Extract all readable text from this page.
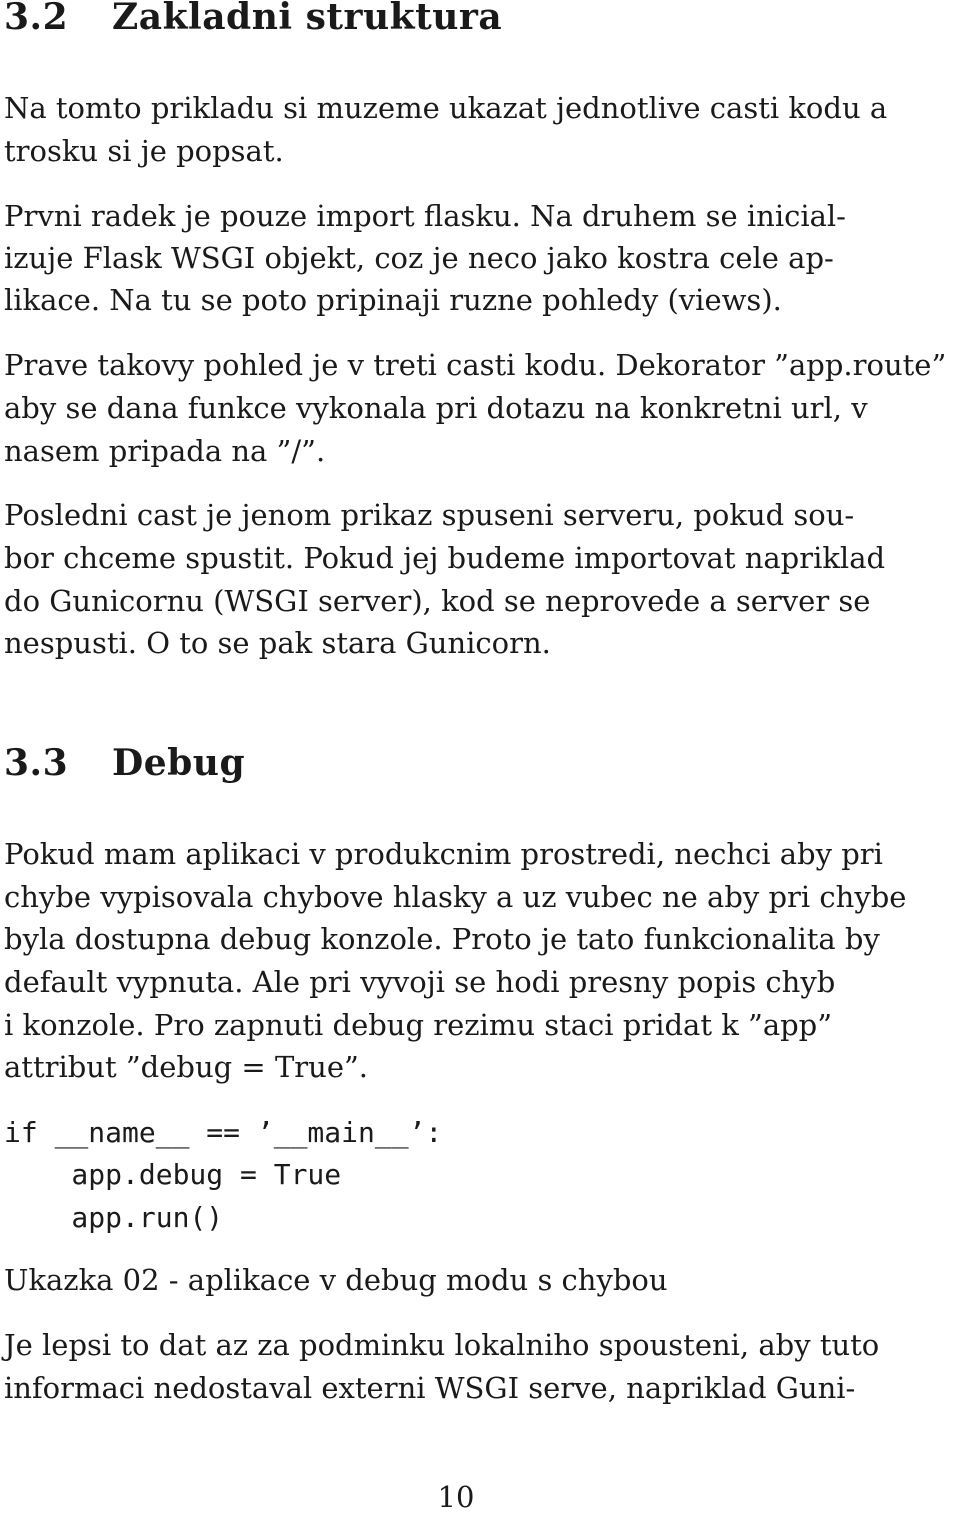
3.2 Zakladni struktura

Na tomto prikladu si muzeme ukazat jednotlive casti kodu a

trosku si je popsat.

Prvni radek je pouze import flasku. Na druhem se inicial-

izuje Flask WSGI objekt, coz je neco jako kostra cele ap-

likace. Na tu se poto pripinaji ruzne pohledy (views).

Prave takovy pohled je v treti casti kodu. Dekorator ”app.route”

aby se dana funkce vykonala pri dotazu na konkretni url, v

nasem pripada na ”/”.

Posledni cast je jenom prikaz spuseni serveru, pokud sou-

bor chceme spustit. Pokud jej budeme importovat napriklad

do Gunicornu (WSGI server), kod se neprovede a server se

nespusti. O to se pak stara Gunicorn.

3.3 Debug

Pokud mam aplikaci v produkcnim prostredi, nechci aby pri

chybe vypisovala chybove hlasky a uz vubec ne aby pri chybe

byla dostupna debug konzole. Proto je tato funkcionalita by

default vypnuta. Ale pri vyvoji se hodi presny popis chyb

i konzole. Pro zapnuti debug rezimu staci pridat k ”app”

attribut ”debug = True”.

if __name__ == ’__main__’:

app.debug = True

app.run()

Ukazka 02 - aplikace v debug modu s chybou

Je lepsi to dat az za podminku lokalniho spousteni, aby tuto

informaci nedostaval externi WSGI serve, napriklad Guni-

10
